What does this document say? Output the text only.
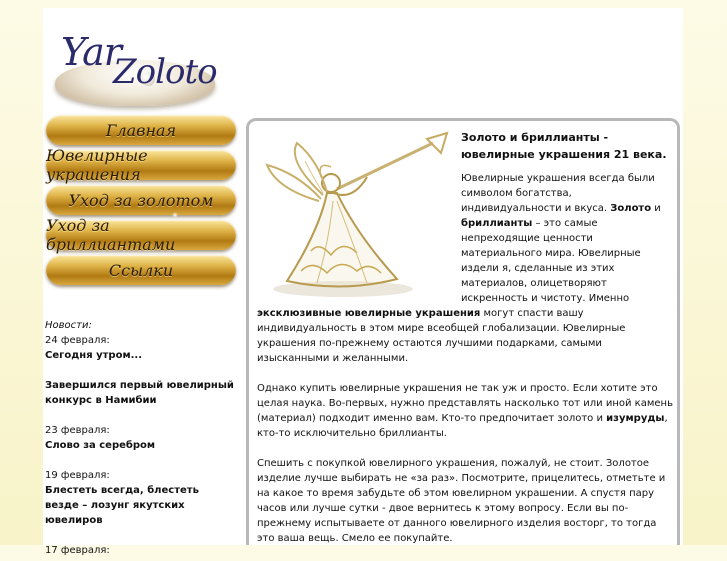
Yar
Zoloto
Главная
Ювелирные украшения
Уход за золотом
Уход за бриллиантами
Ссылки
Новости:
24 февраля:
Сегодня утром...
Завершился первый ювелирный конкурс в Намибии
23 февраля:
Слово за серебром
19 февраля:
Блестеть всегда, блестеть везде – лозунг якутских ювелиров
17 февраля:
Золото и бриллианты - ювелирные украшения 21 века.

Ювелирные украшения всегда были символом богатства, индивидуальности и вкуса. Золото и бриллианты – это самые непреходящие ценности материального мира. Ювелирные издели я, сделанные из этих материалов, олицетворяют искренность и чистоту. Именно эксклюзивные ювелирные украшения могут спасти вашу индивидуальность в этом мире всеобщей глобализации. Ювелирные украшения по-прежнему остаются лучшими подарками, самыми изысканными и желанными.

Однако купить ювелирные украшения не так уж и просто. Если хотите это целая наука. Во-первых, нужно представлять насколько тот или иной камень (материал) подходит именно вам. Кто-то предпочитает золото и изумруды, кто-то исключительно бриллианты.

Спешить с покупкой ювелирного украшения, пожалуй, не стоит. Золотое изделие лучше выбирать не «за раз». Посмотрите, прицелитесь, отметьте и на какое то время забудьте об этом ювелирном украшении. А спустя пару часов или лучше сутки - двое вернитесь к этому вопросу. Если вы по-прежнему испытываете от данного ювелирного изделия восторг, то тогда это ваша вещь. Смело ее покупайте.
